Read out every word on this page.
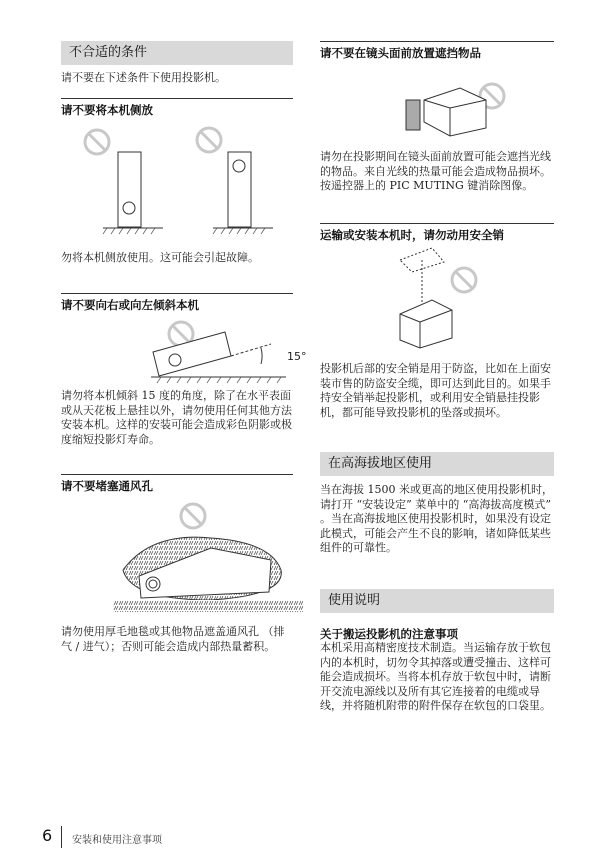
不合适的条件

请不要在下述条件下使用投影机。

请不要将本机侧放

勿将本机侧放使用。这可能会引起故障。

请不要向右或向左倾斜本机
15°

请勿将本机倾斜 15 度的角度，除了在水平表面或从天花板上悬挂以外，请勿使用任何其他方法安装本机。这样的安装可能会造成彩色阴影或极度缩短投影灯寿命。

请不要堵塞通风孔

请勿使用厚毛地毯或其他物品遮盖通风孔 （排气 / 进气）；否则可能会造成内部热量蓄积。

请不要在镜头面前放置遮挡物品

请勿在投影期间在镜头面前放置可能会遮挡光线的物品。来自光线的热量可能会造成物品损坏。按遥控器上的 PIC MUTING 键消除图像。

运输或安装本机时，请勿动用安全销

投影机后部的安全销是用于防盗，比如在上面安装市售的防盗安全缆，即可达到此目的。如果手持安全销举起投影机，或利用安全销悬挂投影机，都可能导致投影机的坠落或损坏。

在高海拔地区使用

当在海拔 1500 米或更高的地区使用投影机时，请打开 “安装设定” 菜单中的 “高海拔高度模式” 。当在高海拔地区使用投影机时，如果没有设定此模式，可能会产生不良的影响，诸如降低某些组件的可靠性。

使用说明
关于搬运投影机的注意事项

本机采用高精密度技术制造。当运输存放于软包内的本机时，切勿令其掉落或遭受撞击、这样可能会造成损坏。当将本机存放于软包中时，请断开交流电源线以及所有其它连接着的电缆或导线，并将随机附带的附件保存在软包的口袋里。

6 安装和使用注意事项
